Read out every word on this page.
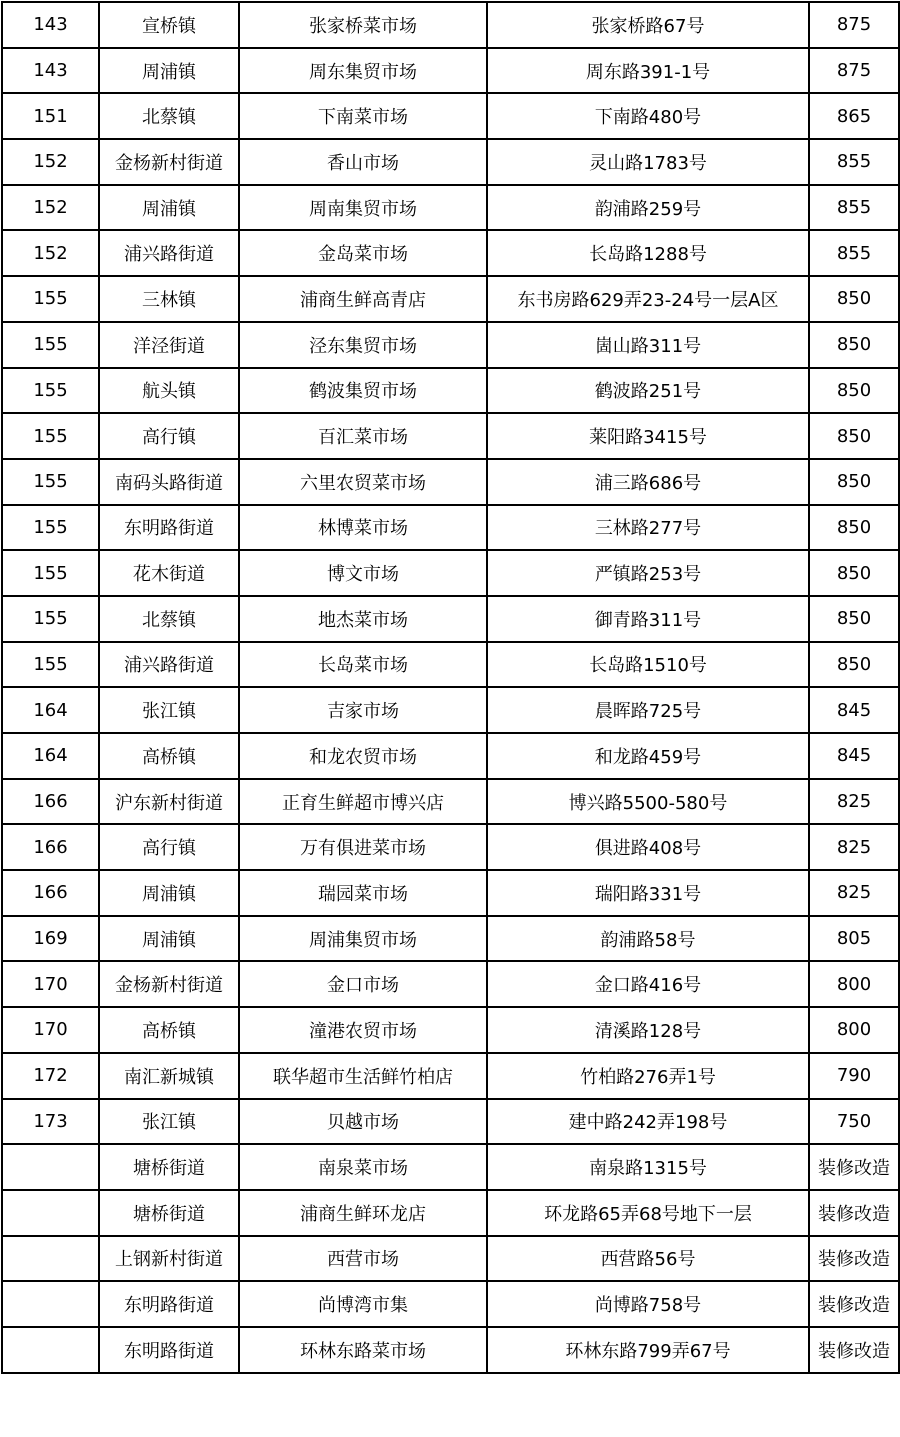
143	宣桥镇	张家桥菜市场	张家桥路67号	875
143	周浦镇	周东集贸市场	周东路391-1号	875
151	北蔡镇	下南菜市场	下南路480号	865
152	金杨新村街道	香山市场	灵山路1783号	855
152	周浦镇	周南集贸市场	韵浦路259号	855
152	浦兴路街道	金岛菜市场	长岛路1288号	855
155	三林镇	浦商生鲜高青店	东书房路629弄23-24号一层A区	850
155	洋泾街道	泾东集贸市场	崮山路311号	850
155	航头镇	鹤波集贸市场	鹤波路251号	850
155	高行镇	百汇菜市场	莱阳路3415号	850
155	南码头路街道	六里农贸菜市场	浦三路686号	850
155	东明路街道	林博菜市场	三林路277号	850
155	花木街道	博文市场	严镇路253号	850
155	北蔡镇	地杰菜市场	御青路311号	850
155	浦兴路街道	长岛菜市场	长岛路1510号	850
164	张江镇	吉家市场	晨晖路725号	845
164	高桥镇	和龙农贸市场	和龙路459号	845
166	沪东新村街道	正育生鲜超市博兴店	博兴路5500-580号	825
166	高行镇	万有俱进菜市场	俱进路408号	825
166	周浦镇	瑞园菜市场	瑞阳路331号	825
169	周浦镇	周浦集贸市场	韵浦路58号	805
170	金杨新村街道	金口市场	金口路416号	800
170	高桥镇	潼港农贸市场	清溪路128号	800
172	南汇新城镇	联华超市生活鲜竹柏店	竹柏路276弄1号	790
173	张江镇	贝越市场	建中路242弄198号	750
	塘桥街道	南泉菜市场	南泉路1315号	装修改造
	塘桥街道	浦商生鲜环龙店	环龙路65弄68号地下一层	装修改造
	上钢新村街道	西营市场	西营路56号	装修改造
	东明路街道	尚博湾市集	尚博路758号	装修改造
	东明路街道	环林东路菜市场	环林东路799弄67号	装修改造
